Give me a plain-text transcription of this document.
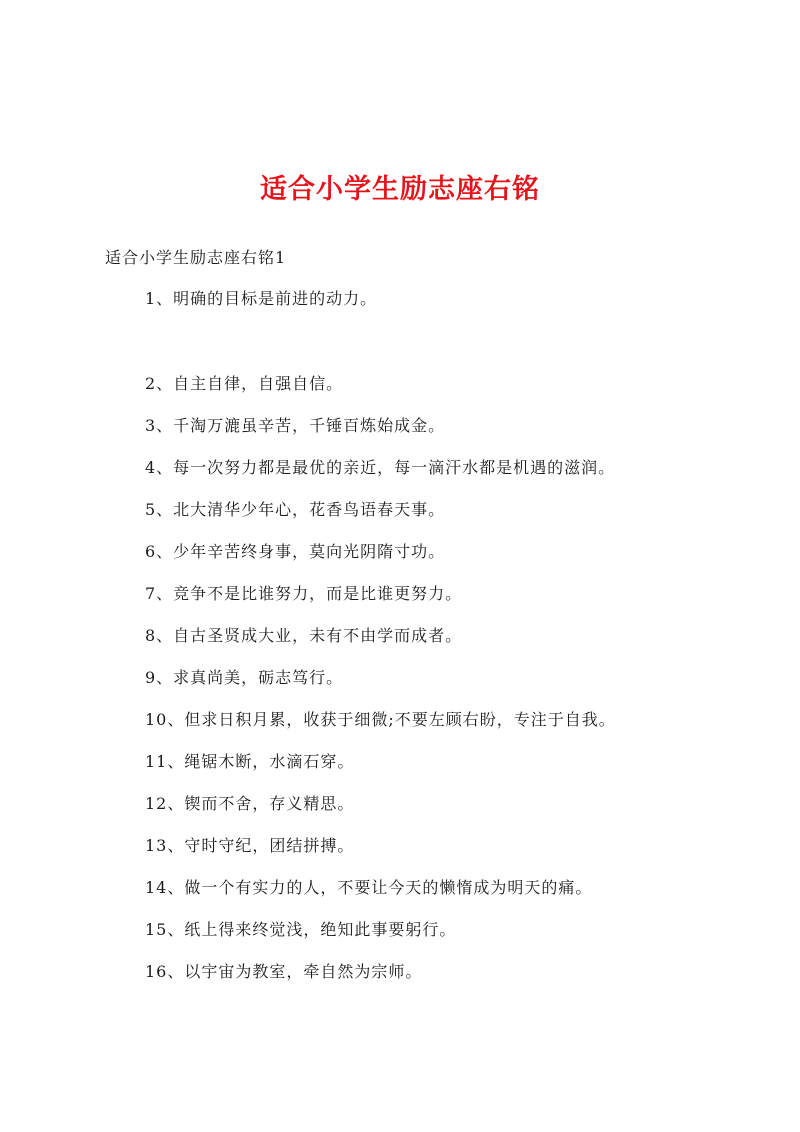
适合小学生励志座右铭
适合小学生励志座右铭1
1、明确的目标是前进的动力。
2、自主自律，自强自信。
3、千淘万漉虽辛苦，千锤百炼始成金。
4、每一次努力都是最优的亲近，每一滴汗水都是机遇的滋润。
5、北大清华少年心，花香鸟语春天事。
6、少年辛苦终身事，莫向光阴隋寸功。
7、竞争不是比谁努力，而是比谁更努力。
8、自古圣贤成大业，未有不由学而成者。
9、求真尚美，砺志笃行。
10、但求日积月累，收获于细微;不要左顾右盼，专注于自我。
11、绳锯木断，水滴石穿。
12、锲而不舍，存义精思。
13、守时守纪，团结拼搏。
14、做一个有实力的人，不要让今天的懒惰成为明天的痛。
15、纸上得来终觉浅，绝知此事要躬行。
16、以宇宙为教室，牵自然为宗师。
